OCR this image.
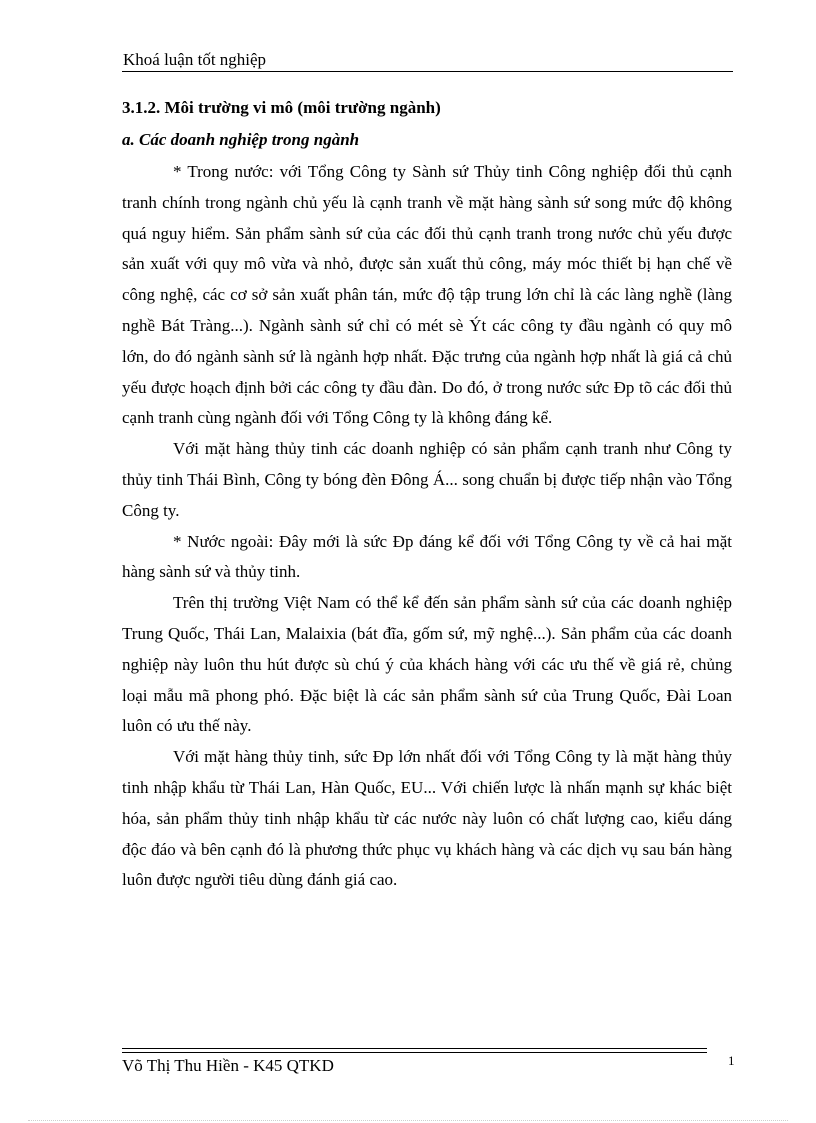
Khoá luận tốt nghiệp
3.1.2. Môi trường vi mô (môi trường ngành)
a. Các doanh nghiệp trong ngành

* Trong nước: với Tổng Công ty Sành sứ Thủy tinh Công nghiệp đối thủ cạnh tranh chính trong ngành chủ yếu là cạnh tranh về mặt hàng sành sứ song mức độ không quá nguy hiểm. Sản phẩm sành sứ của các đối thủ cạnh tranh trong nước chủ yếu được sản xuất với quy mô vừa và nhỏ, được sản xuất thủ công, máy móc thiết bị hạn chế về công nghệ, các cơ sở sản xuất phân tán, mức độ tập trung lớn chỉ là các làng nghề (làng nghề Bát Tràng...). Ngành sành sứ chỉ có mét sè Ýt các công ty đầu ngành có quy mô lớn, do đó ngành sành sứ là ngành hợp nhất. Đặc trưng của ngành hợp nhất là giá cả chủ yếu được hoạch định bởi các công ty đầu đàn. Do đó, ở trong nước sức Ðp tõ các đối thủ cạnh tranh cùng ngành đối với Tổng Công ty là không đáng kể.

Với mặt hàng thủy tinh các doanh nghiệp có sản phẩm cạnh tranh như Công ty thủy tinh Thái Bình, Công ty bóng đèn Đông Á... song chuẩn bị được tiếp nhận vào Tổng Công ty.

* Nước ngoài: Đây mới là sức Ðp đáng kể đối với Tổng Công ty về cả hai mặt hàng sành sứ và thủy tinh.

Trên thị trường Việt Nam có thể kể đến sản phẩm sành sứ của các doanh nghiệp Trung Quốc, Thái Lan, Malaixia (bát đĩa, gốm sứ, mỹ nghệ...). Sản phẩm của các doanh nghiệp này luôn thu hút được sù chú ý của khách hàng với các ưu thế về giá rẻ, chủng loại mẫu mã phong phó. Đặc biệt là các sản phẩm sành sứ của Trung Quốc, Đài Loan luôn có ưu thế này.

Với mặt hàng thủy tinh, sức Ðp lớn nhất đối với Tổng Công ty là mặt hàng thủy tinh nhập khẩu từ Thái Lan, Hàn Quốc, EU... Với chiến lược là nhấn mạnh sự khác biệt hóa, sản phẩm thủy tinh nhập khẩu từ các nước này luôn có chất lượng cao, kiểu dáng độc đáo và bên cạnh đó là phương thức phục vụ khách hàng và các dịch vụ sau bán hàng luôn được người tiêu dùng đánh giá cao.

Võ Thị Thu Hiền - K45 QTKD	1
